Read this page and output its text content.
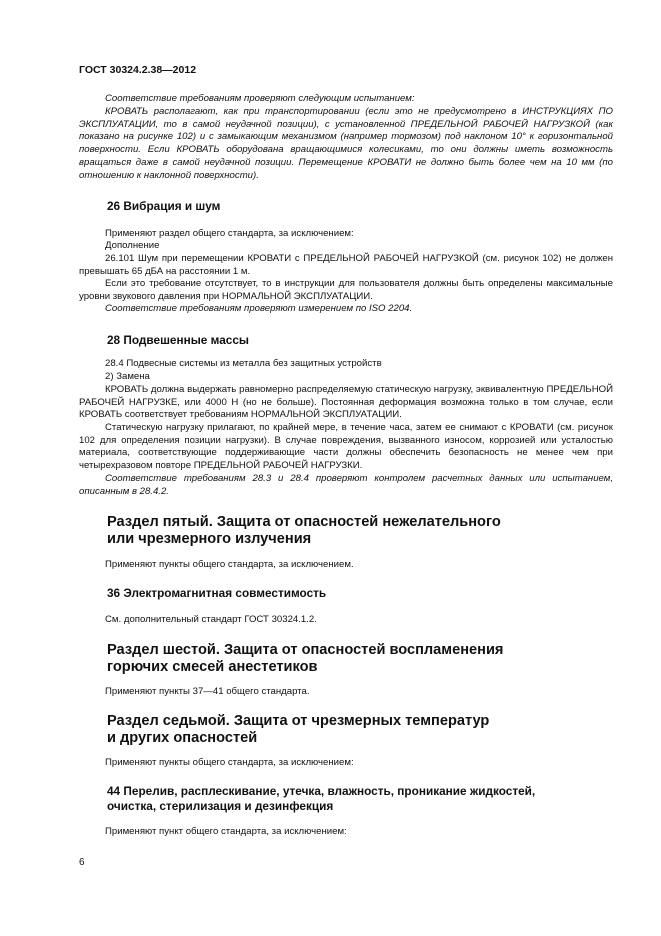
ГОСТ 30324.2.38—2012

Соответствие требованиям проверяют следующим испытанием:

КРОВАТЬ располагают, как при транспортировании (если это не предусмотрено в ИНСТРУКЦИЯХ ПО ЭКСПЛУАТАЦИИ, то в самой неудачной позиции), с установленной ПРЕДЕЛЬНОЙ РАБОЧЕЙ НАГРУЗКОЙ (как показано на рисунке 102) и с замыкающим механизмом (например тормозом) под наклоном 10° к горизонтальной поверхности. Если КРОВАТЬ оборудована вращающимися колесиками, то они должны иметь возможность вращаться даже в самой неудачной позиции. Перемещение КРОВАТИ не должно быть более чем на 10 мм (по отношению к наклонной поверхности).

26 Вибрация и шум

Применяют раздел общего стандарта, за исключением:

Дополнение

26.101 Шум при перемещении КРОВАТИ с ПРЕДЕЛЬНОЙ РАБОЧЕЙ НАГРУЗКОЙ (см. рисунок 102) не должен превышать 65 дБА на расстоянии 1 м.

Если это требование отсутствует, то в инструкции для пользователя должны быть определены максимальные уровни звукового давления при НОРМАЛЬНОЙ ЭКСПЛУАТАЦИИ.

Соответствие требованиям проверяют измерением по ISO 2204.

28 Подвешенные массы

28.4 Подвесные системы из металла без защитных устройств

2) Замена

КРОВАТЬ должна выдержать равномерно распределяемую статическую нагрузку, эквивалентную ПРЕДЕЛЬНОЙ РАБОЧЕЙ НАГРУЗКЕ, или 4000 Н (но не больше). Постоянная деформация возможна только в том случае, если КРОВАТЬ соответствует требованиям НОРМАЛЬНОЙ ЭКСПЛУАТАЦИИ.

Статическую нагрузку прилагают, по крайней мере, в течение часа, затем ее снимают с КРОВАТИ (см. рисунок 102 для определения позиции нагрузки). В случае повреждения, вызванного износом, коррозией или усталостью материала, соответствующие поддерживающие части должны обеспечить безопасность не менее чем при четырехразовом повторе ПРЕДЕЛЬНОЙ РАБОЧЕЙ НАГРУЗКИ.

Соответствие требованиям 28.3 и 28.4 проверяют контролем расчетных данных или испытанием, описанным в 28.4.2.

Раздел пятый. Защита от опасностей нежелательного
или чрезмерного излучения

Применяют пункты общего стандарта, за исключением.

36 Электромагнитная совместимость

См. дополнительный стандарт ГОСТ 30324.1.2.

Раздел шестой. Защита от опасностей воспламенения
горючих смесей анестетиков

Применяют пункты 37—41 общего стандарта.

Раздел седьмой. Защита от чрезмерных температур
и других опасностей

Применяют пункты общего стандарта, за исключением:

44 Перелив, расплескивание, утечка, влажность, проникание жидкостей,
очистка, стерилизация и дезинфекция

Применяют пункт общего стандарта, за исключением:

6
